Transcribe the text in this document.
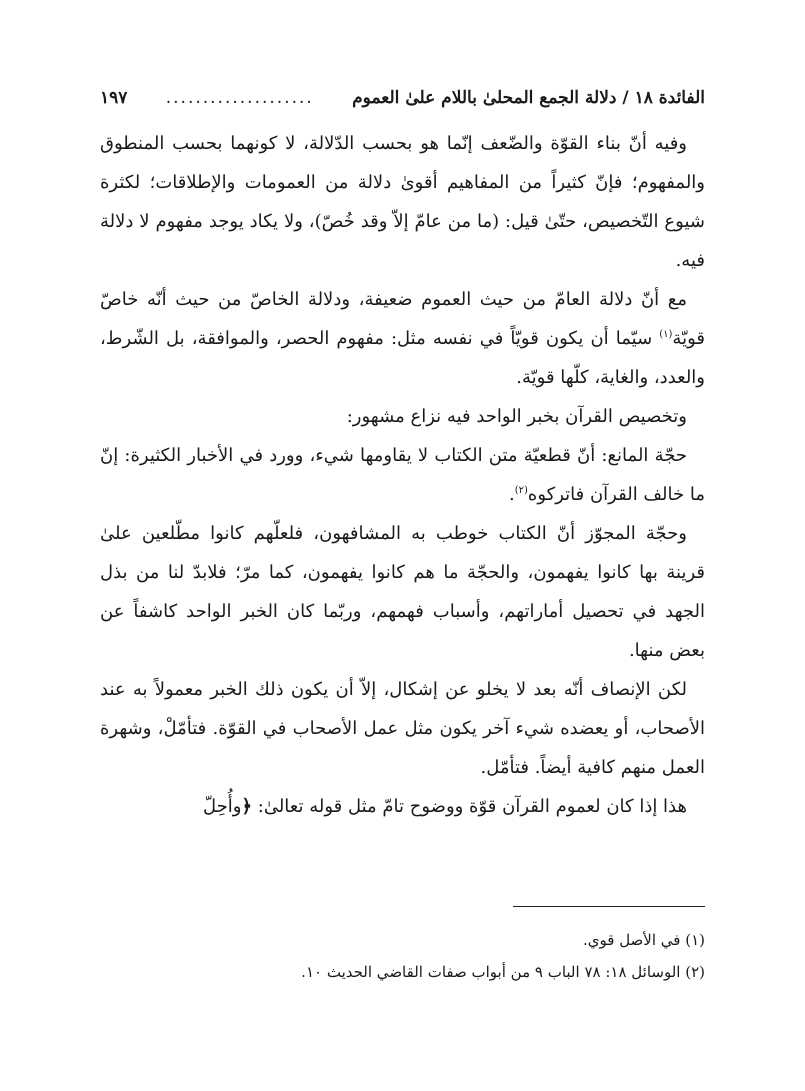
الفائدة ١٨ / دلالة الجمع المحلىٰ باللام علىٰ العموم
....................
١٩٧

وفيه أنّ بناء القوّة والضّعف إنّما هو بحسب الدّلالة، لا كونهما بحسب المنطوق والمفهوم؛ فإنّ كثيراً من المفاهيم أقوىٰ دلالة من العمومات والإطلاقات؛ لكثرة شيوع التّخصيص، حتّىٰ قيل: (ما من عامّ إلاّ وقد خُصّ)، ولا يكاد يوجد مفهوم لا دلالة فيه.

مع أنّ دلالة العامّ من حيث العموم ضعيفة، ودلالة الخاصّ من حيث أنّه خاصّ قويّة$^{(١)}$ سيّما أن يكون قويّاً في نفسه مثل: مفهوم الحصر، والموافقة، بل الشّرط، والعدد، والغاية، كلّها قويّة.

وتخصيص القرآن بخبر الواحد فيه نزاع مشهور:

حجّة المانع: أنّ قطعيّة متن الكتاب لا يقاومها شيء، وورد في الأخبار الكثيرة: إنّ ما خالف القرآن فاتركوه$^{(٢)}$.

وحجّة المجوّز أنّ الكتاب خوطب به المشافهون، فلعلّهم كانوا مطّلعين علىٰ قرينة بها كانوا يفهمون، والحجّة ما هم كانوا يفهمون، كما مرّ؛ فلابدّ لنا من بذل الجهد في تحصيل أماراتهم، وأسباب فهمهم، وربّما كان الخبر الواحد كاشفاً عن بعض منها.

لكن الإنصاف أنّه بعد لا يخلو عن إشكال، إلاّ أن يكون ذلك الخبر معمولاً به عند الأصحاب، أو يعضده شيء آخر يكون مثل عمل الأصحاب في القوّة. فتأمّلْ، وشهرة العمل منهم كافية أيضاً. فتأمّل.

هذا إذا كان لعموم القرآن قوّة ووضوح تامّ مثل قوله تعالىٰ: ﴿وأُحِلّ

(١) في الأصل قوي.

(٢) الوسائل ١٨: ٧٨ الباب ٩ من أبواب صفات القاضي الحديث ١٠.
